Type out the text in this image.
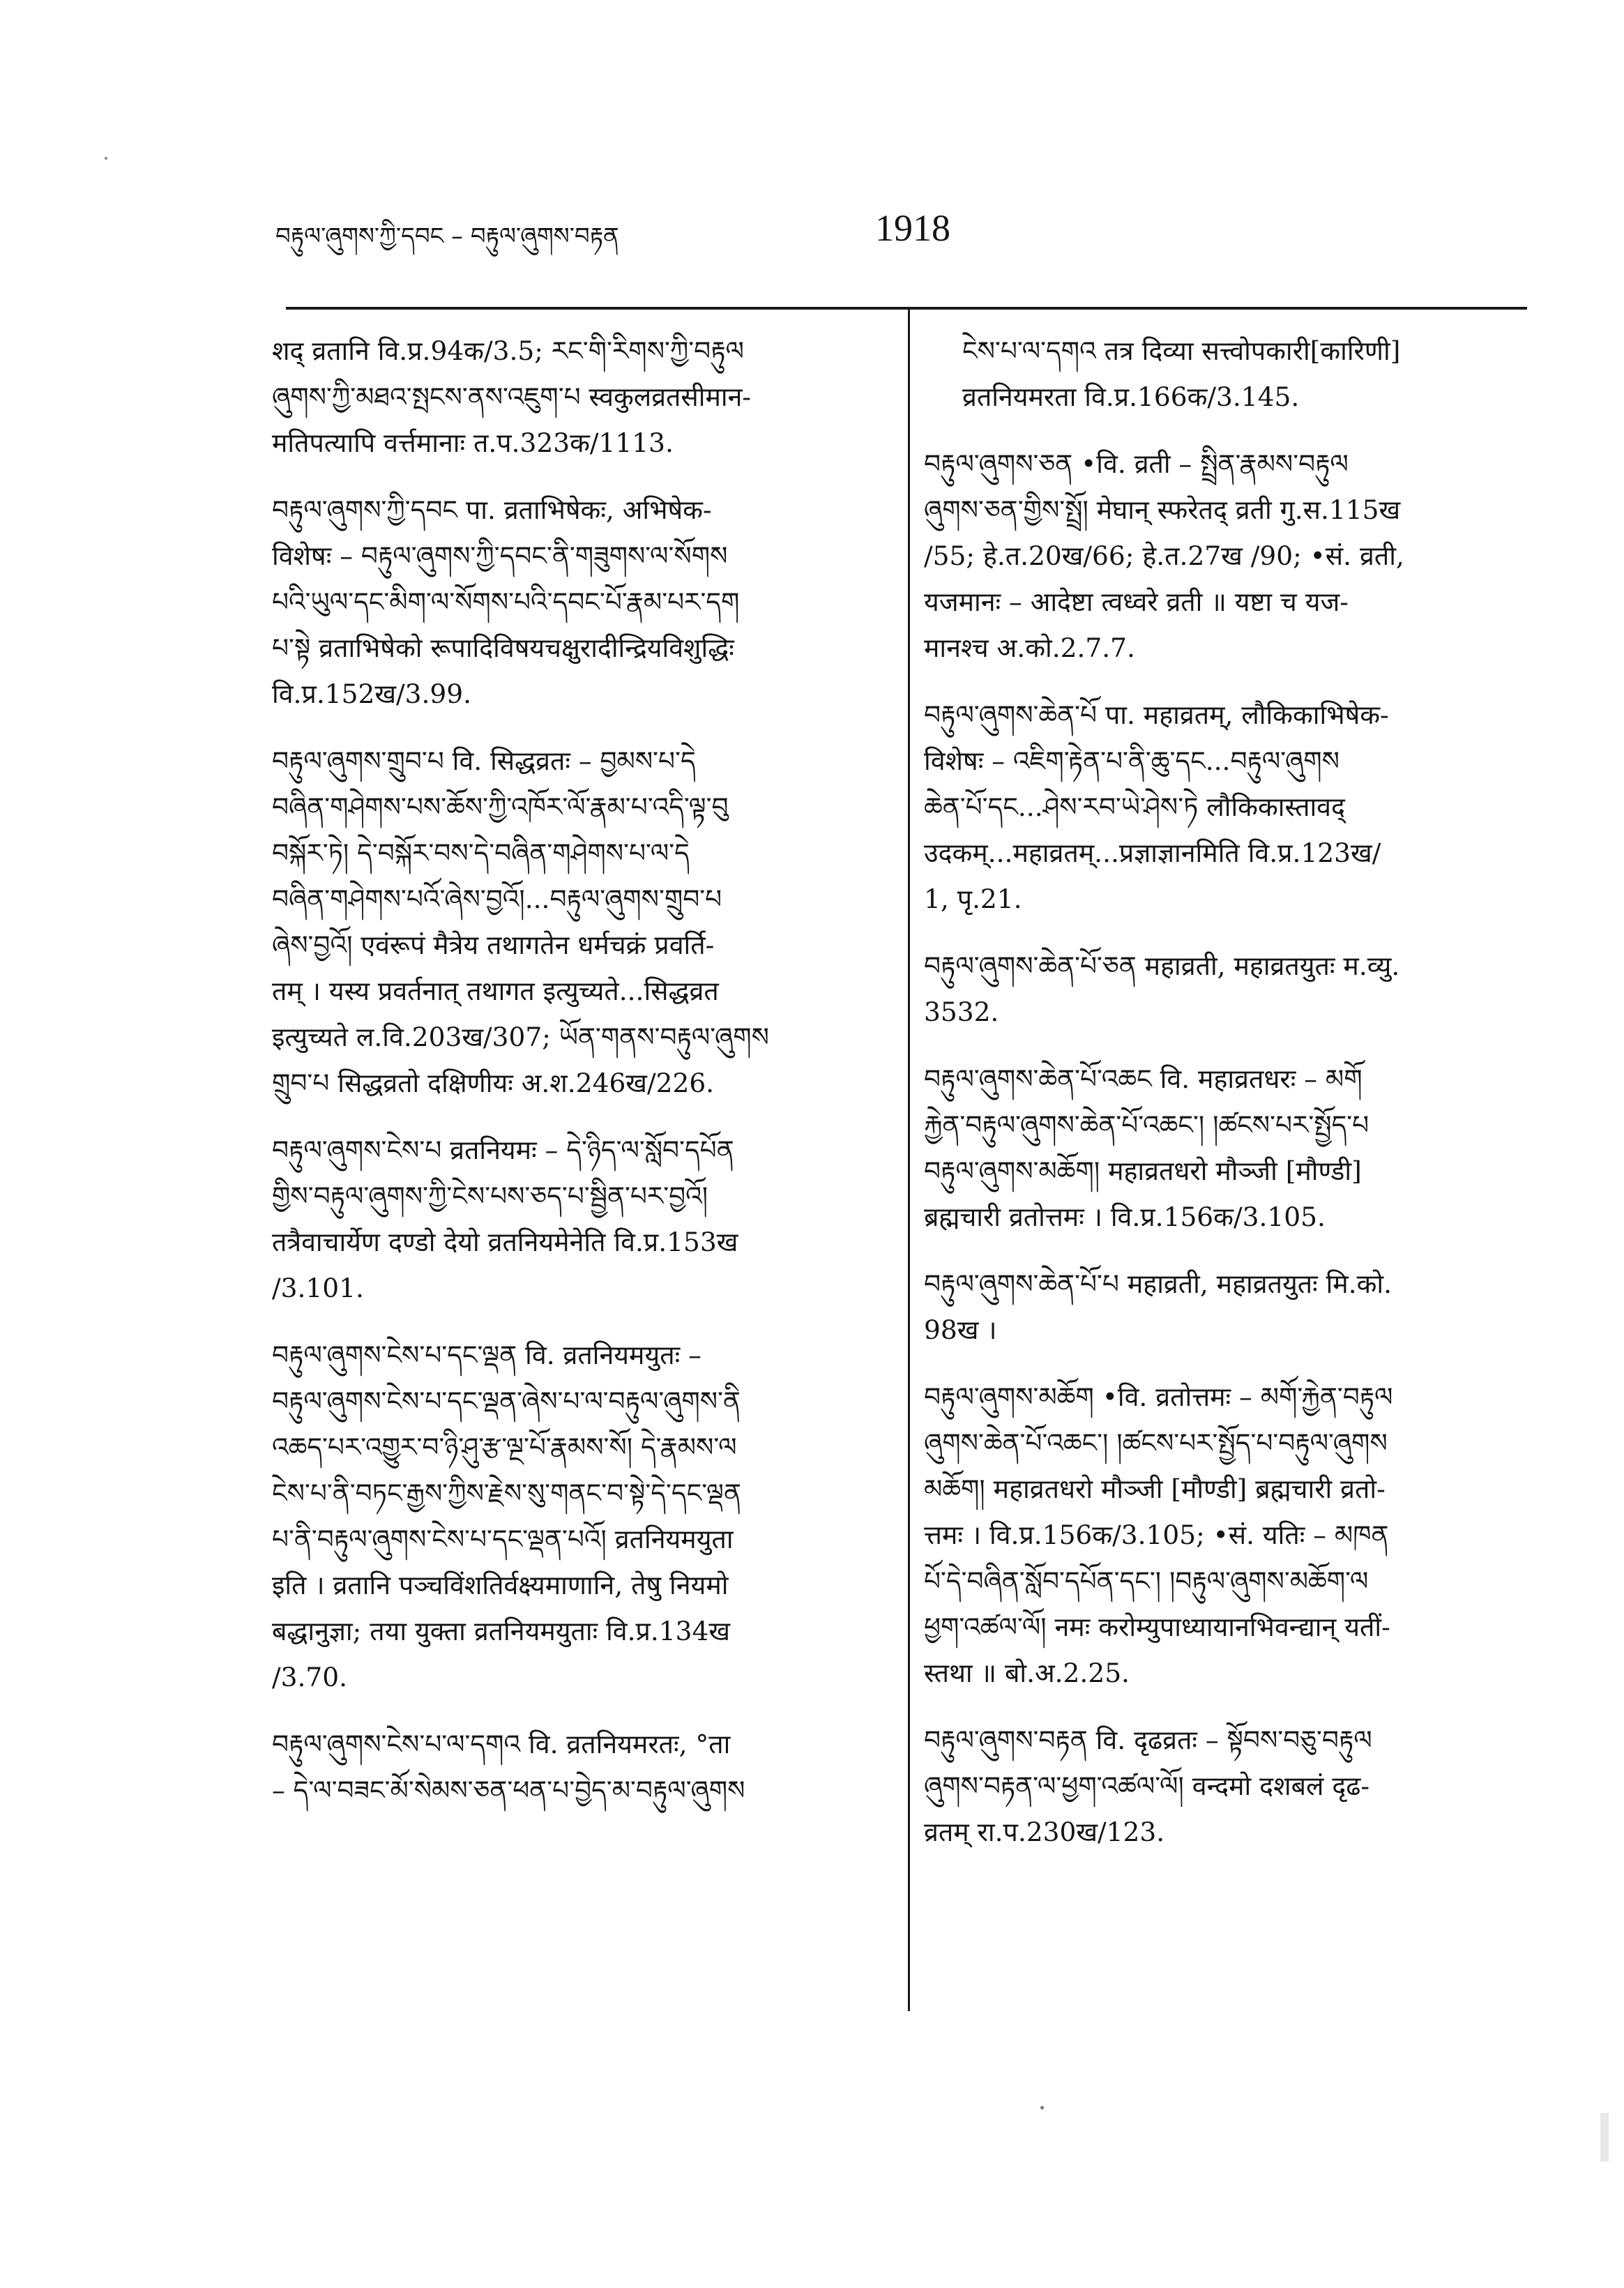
བརྟུལ་ཞུགས་ཀྱི་དབང – བརྟུལ་ཞུགས་བརྟན	1918
शद् व्रतानि वि.प्र.94क/3.5; རང་གི་རིགས་ཀྱི་བརྟུལ
ཞུགས་ཀྱི་མཐའ་སྤངས་ནས་འཇུག་པ स्वकुलव्रतसीमान-
मतिपत्यापि वर्त्तमानाः त.प.323क/1113.
བརྟུལ་ཞུགས་ཀྱི་དབང पा. व्रताभिषेकः, अभिषेक-
विशेषः – བརྟུལ་ཞུགས་ཀྱི་དབང་ནི་གཟུགས་ལ་སོགས
པའི་ཡུལ་དང་མིག་ལ་སོགས་པའི་དབང་པོ་རྣམ་པར་དག
པ་སྟེ व्रताभिषेको रूपादिविषयचक्षुरादीन्द्रियविशुद्धिः
वि.प्र.152ख/3.99.
བརྟུལ་ཞུགས་གྲུབ་པ वि. सिद्धव्रतः – བྱམས་པ་དེ
བཞིན་གཤེགས་པས་ཆོས་ཀྱི་འཁོར་ལོ་རྣམ་པ་འདི་ལྟ་བུ
བསྐོར་ཏེ། དེ་བསྐོར་བས་དེ་བཞིན་གཤེགས་པ་ལ་དེ
བཞིན་གཤེགས་པའོ་ཞེས་བྱའོ།...བརྟུལ་ཞུགས་གྲུབ་པ
ཞེས་བྱའོ། एवंरूपं मैत्रेय तथागतेन धर्मचक्रं प्रवर्ति-
तम् । यस्य प्रवर्तनात् तथागत इत्युच्यते...सिद्धव्रत
इत्युच्यते ल.वि.203ख/307; ཡོན་གནས་བརྟུལ་ཞུགས
གྲུབ་པ सिद्धव्रतो दक्षिणीयः अ.श.246ख/226.
བརྟུལ་ཞུགས་ངེས་པ व्रतनियमः – དེ་ཉིད་ལ་སློབ་དཔོན
གྱིས་བརྟུལ་ཞུགས་ཀྱི་ངེས་པས་ཅད་པ་སྦྱིན་པར་བྱའོ།
तत्रैवाचार्येण दण्डो देयो व्रतनियमेनेति वि.प्र.153ख
/3.101.
བརྟུལ་ཞུགས་ངེས་པ་དང་ལྡན वि. व्रतनियमयुतः –
བརྟུལ་ཞུགས་ངེས་པ་དང་ལྡན་ཞེས་པ་ལ་བརྟུལ་ཞུགས་ནི
འཆད་པར་འགྱུར་བ་ཉི་ཤུ་རྩ་ལྔ་པོ་རྣམས་སོ། དེ་རྣམས་ལ
ངེས་པ་ནི་བཏང་རྒྱས་ཀྱིས་རྗེས་སུ་གནང་བ་སྟེ་དེ་དང་ལྡན
པ་ནི་བརྟུལ་ཞུགས་ངེས་པ་དང་ལྡན་པའོ། व्रतनियमयुता
इति । व्रतानि पञ्चविंशतिर्वक्ष्यमाणानि, तेषु नियमो
बद्धानुज्ञा; तया युक्ता व्रतनियमयुताः वि.प्र.134ख
/3.70.
བརྟུལ་ཞུགས་ངེས་པ་ལ་དགའ वि. व्रतनियमरतः, °ता
– དེ་ལ་བཟང་མོ་སེམས་ཅན་ཕན་པ་བྱེད་མ་བརྟུལ་ཞུགས
ངེས་པ་ལ་དགའ तत्र दिव्या सत्त्वोपकारी[कारिणी]
व्रतनियमरता वि.प्र.166क/3.145.
བརྟུལ་ཞུགས་ཅན •वि. व्रती – སྤྲིན་རྣམས་བརྟུལ
ཞུགས་ཅན་གྱིས་སྤྲོ། मेघान् स्फरेतद् व्रती गु.स.115ख
/55; हे.त.20ख/66; हे.त.27ख /90; •सं. व्रती,
यजमानः – आदेष्टा त्वध्वरे व्रती ॥ यष्टा च यज-
मानश्च अ.को.2.7.7.
བརྟུལ་ཞུགས་ཆེན་པོ पा. महाव्रतम्, लौकिकाभिषेक-
विशेषः – འཇིག་རྟེན་པ་ནི་ཆུ་དང...བརྟུལ་ཞུགས
ཆེན་པོ་དང...ཤེས་རབ་ཡེ་ཤེས་ཏེ लौकिकास्तावद्
उदकम्...महाव्रतम्...प्रज्ञाज्ञानमिति वि.प्र.123ख/
1, पृ.21.
བརྟུལ་ཞུགས་ཆེན་པོ་ཅན महाव्रती, महाव्रतयुतः म.व्यु.
3532.
བརྟུལ་ཞུགས་ཆེན་པོ་འཆང वि. महाव्रतधरः – མགོ
རྐྱེན་བརྟུལ་ཞུགས་ཆེན་པོ་འཆང་། །ཚངས་པར་སྤྱོད་པ
བརྟུལ་ཞུགས་མཆོག། महाव्रतधरो मौञ्जी [मौण्डी]
ब्रह्मचारी व्रतोत्तमः । वि.प्र.156क/3.105.
བརྟུལ་ཞུགས་ཆེན་པོ་པ महाव्रती, महाव्रतयुतः मि.को.
98ख ।
བརྟུལ་ཞུགས་མཆོག •वि. व्रतोत्तमः – མགོ་རྐྱེན་བརྟུལ
ཞུགས་ཆེན་པོ་འཆང་། །ཚངས་པར་སྤྱོད་པ་བརྟུལ་ཞུགས
མཆོག། महाव्रतधरो मौञ्जी [मौण्डी] ब्रह्मचारी व्रतो-
त्तमः । वि.प्र.156क/3.105; •सं. यतिः – མཁན
པོ་དེ་བཞིན་སློབ་དཔོན་དང་། །བརྟུལ་ཞུགས་མཆོག་ལ
ཕྱག་འཚལ་ལོ། नमः करोम्युपाध्यायानभिवन्द्यान् यतीं-
स्तथा ॥ बो.अ.2.25.
བརྟུལ་ཞུགས་བརྟན वि. दृढव्रतः – སྟོབས་བཅུ་བརྟུལ
ཞུགས་བརྟན་ལ་ཕྱག་འཚལ་ལོ། वन्दमो दशबलं दृढ-
व्रतम् रा.प.230ख/123.
